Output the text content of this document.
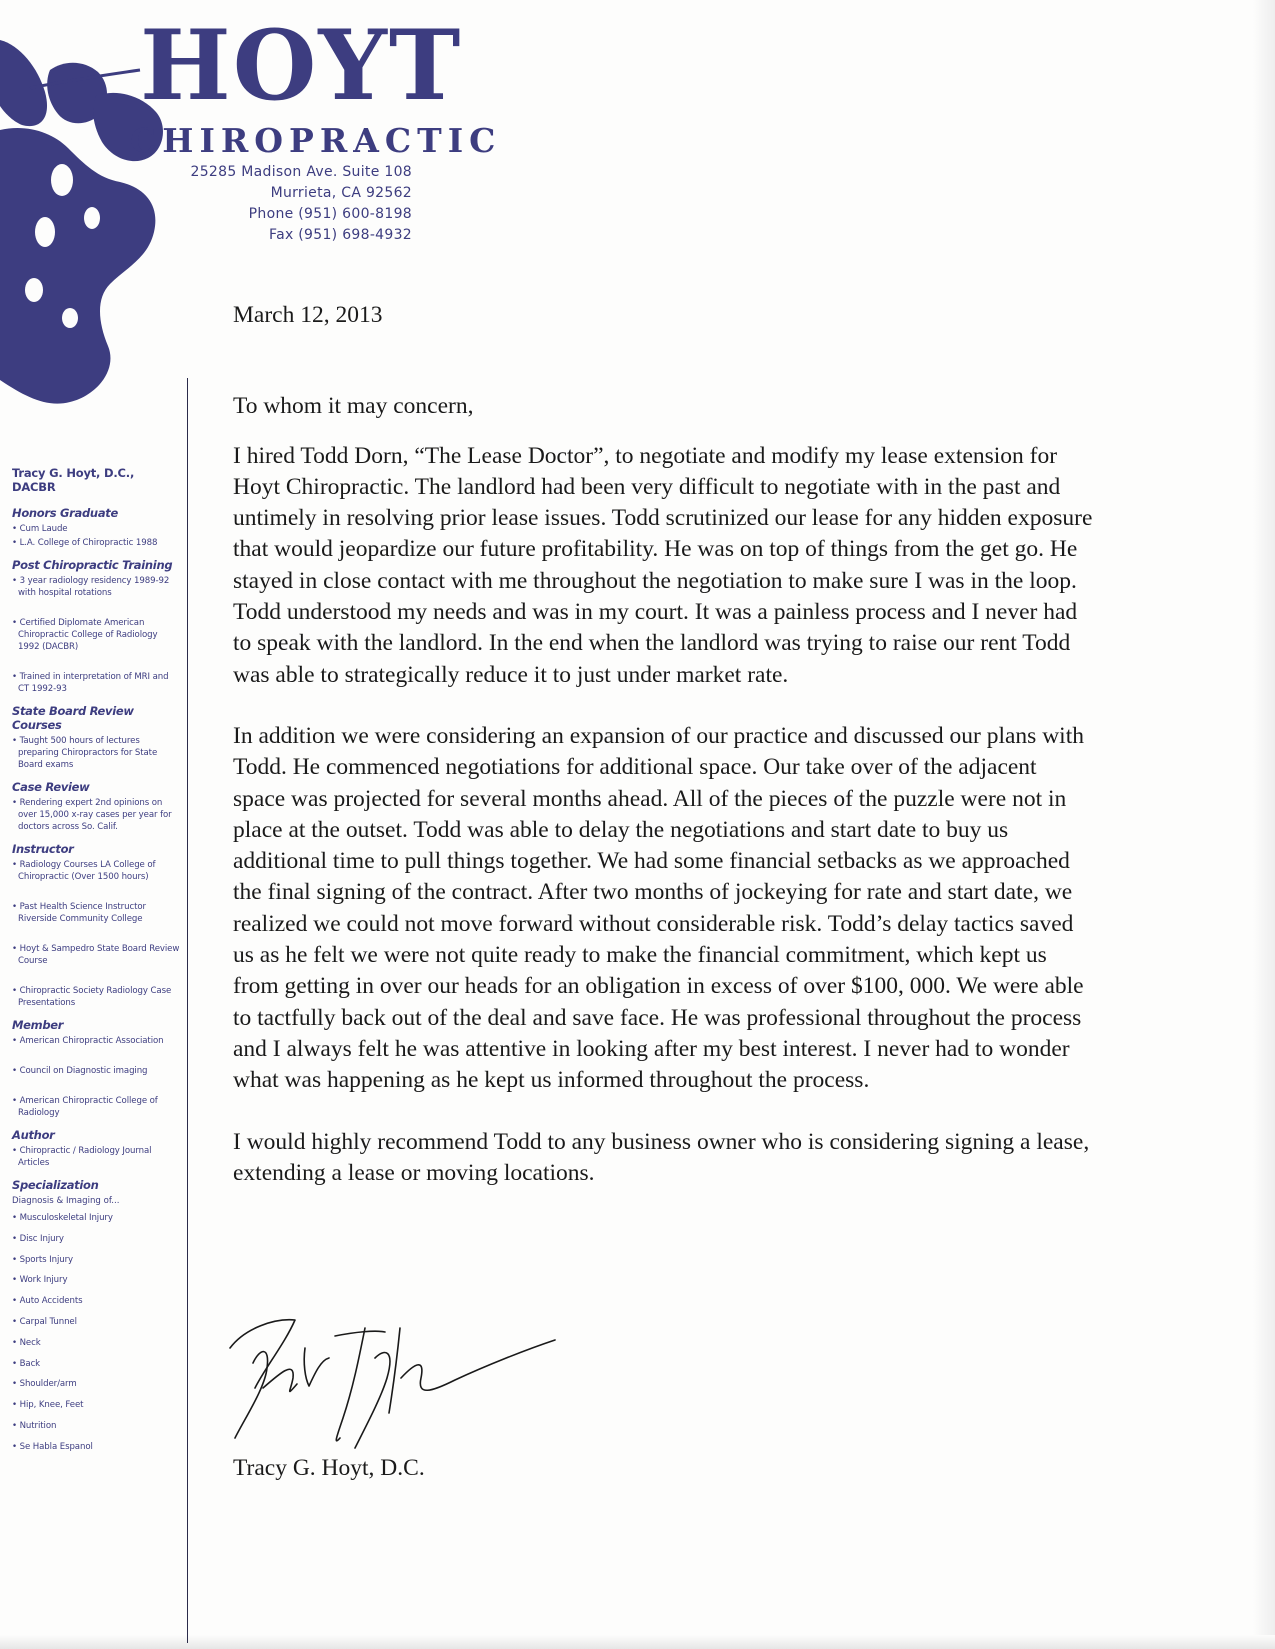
HOYT
CHIROPRACTIC
25285 Madison Ave. Suite 108
Murrieta, CA 92562
Phone (951) 600-8198
Fax (951) 698-4932
Tracy G. Hoyt, D.C., DACBR
Honors Graduate
• Cum Laude
• L.A. College of Chiropractic 1988
Post Chiropractic Training
• 3 year radiology residency 1989-92 with hospital rotations
• Certified Diplomate American Chiropractic College of Radiology 1992 (DACBR)
• Trained in interpretation of MRI and CT 1992-93
State Board Review Courses
• Taught 500 hours of lectures preparing Chiropractors for State Board exams
Case Review
• Rendering expert 2nd opinions on over 15,000 x-ray cases per year for doctors across So. Calif.
Instructor
• Radiology Courses LA College of Chiropractic (Over 1500 hours)
• Past Health Science Instructor Riverside Community College
• Hoyt & Sampedro State Board Review Course
• Chiropractic Society Radiology Case Presentations
Member
• American Chiropractic Association
• Council on Diagnostic imaging
• American Chiropractic College of Radiology
Author
• Chiropractic / Radiology Journal Articles
Specialization
Diagnosis & Imaging of...
• Musculoskeletal Injury
• Disc Injury
• Sports Injury
• Work Injury
• Auto Accidents
• Carpal Tunnel
• Neck
• Back
• Shoulder/arm
• Hip, Knee, Feet
• Nutrition
• Se Habla Espanol
March 12, 2013
To whom it may concern,

I hired Todd Dorn, “The Lease Doctor”, to negotiate and modify my lease extension for Hoyt Chiropractic. The landlord had been very difficult to negotiate with in the past and untimely in resolving prior lease issues. Todd scrutinized our lease for any hidden exposure that would jeopardize our future profitability. He was on top of things from the get go. He stayed in close contact with me throughout the negotiation to make sure I was in the loop. Todd understood my needs and was in my court. It was a painless process and I never had to speak with the landlord. In the end when the landlord was trying to raise our rent Todd was able to strategically reduce it to just under market rate.

In addition we were considering an expansion of our practice and discussed our plans with Todd. He commenced negotiations for additional space. Our take over of the adjacent space was projected for several months ahead. All of the pieces of the puzzle were not in place at the outset. Todd was able to delay the negotiations and start date to buy us additional time to pull things together. We had some financial setbacks as we approached the final signing of the contract. After two months of jockeying for rate and start date, we realized we could not move forward without considerable risk. Todd’s delay tactics saved us as he felt we were not quite ready to make the financial commitment, which kept us from getting in over our heads for an obligation in excess of over $100, 000. We were able to tactfully back out of the deal and save face. He was professional throughout the process and I always felt he was attentive in looking after my best interest. I never had to wonder what was happening as he kept us informed throughout the process.

I would highly recommend Todd to any business owner who is considering signing a lease, extending a lease or moving locations.

Tracy G. Hoyt, D.C.
